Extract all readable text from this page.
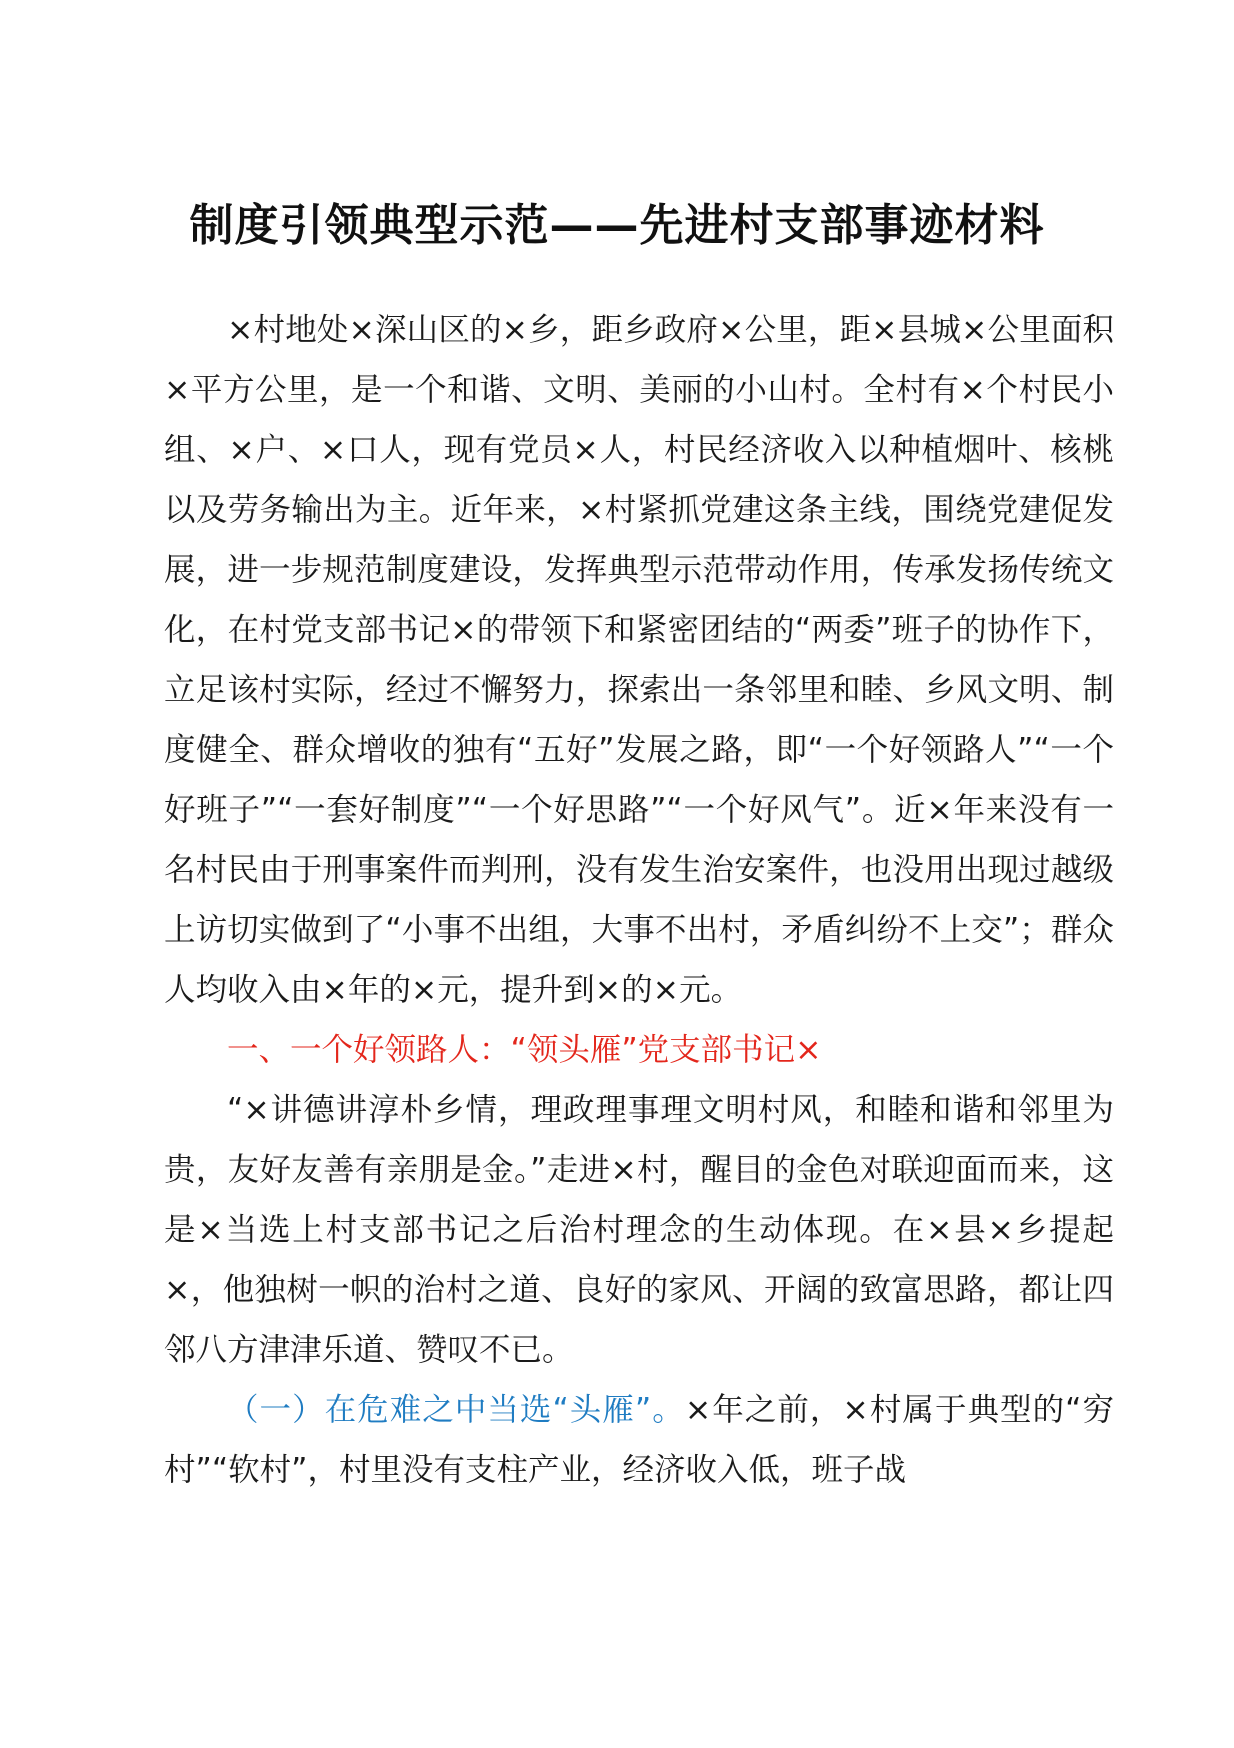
制度引领典型示范——先进村支部事迹材料

×村地处×深山区的×乡，距乡政府×公里，距×县城×公里面积×平方公里，是一个和谐、文明、美丽的小山村。全村有×个村民小组、×户、×口人，现有党员×人，村民经济收入以种植烟叶、核桃以及劳务输出为主。近年来，×村紧抓党建这条主线，围绕党建促发展，进一步规范制度建设，发挥典型示范带动作用，传承发扬传统文化，在村党支部书记×的带领下和紧密团结的“两委”班子的协作下，立足该村实际，经过不懈努力，探索出一条邻里和睦、乡风文明、制度健全、群众增收的独有“五好”发展之路，即“一个好领路人”“一个好班子”“一套好制度”“一个好思路”“一个好风气”。近×年来没有一名村民由于刑事案件而判刑，没有发生治安案件，也没用出现过越级上访切实做到了“小事不出组，大事不出村，矛盾纠纷不上交”；群众人均收入由×年的×元，提升到×的×元。

一、一个好领路人：“领头雁”党支部书记×

“×讲德讲淳朴乡情，理政理事理文明村风，和睦和谐和邻里为贵，友好友善有亲朋是金。”走进×村，醒目的金色对联迎面而来，这是×当选上村支部书记之后治村理念的生动体现。在×县×乡提起×，他独树一帜的治村之道、良好的家风、开阔的致富思路，都让四邻八方津津乐道、赞叹不已。

（一）在危难之中当选“头雁”。×年之前，×村属于典型的“穷村”“软村”，村里没有支柱产业，经济收入低，班子战
